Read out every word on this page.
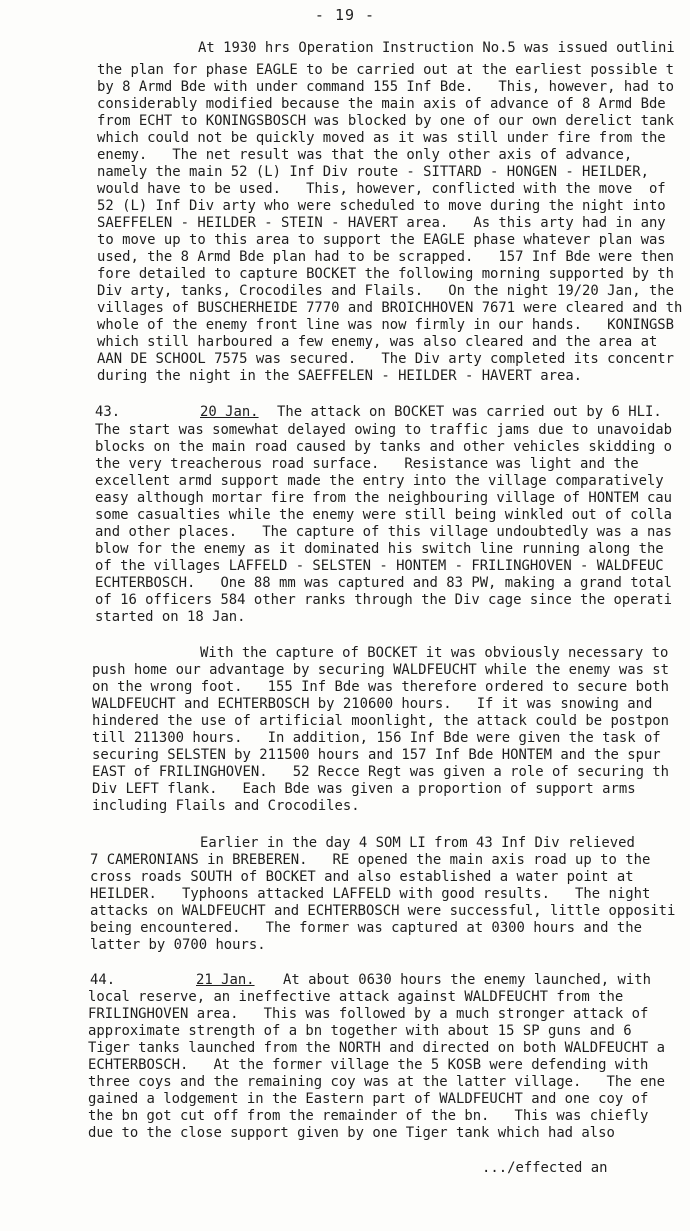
- 19 -
At 1930 hrs Operation Instruction No.5 was issued outlini
the plan for phase EAGLE to be carried out at the earliest possible t
by 8 Armd Bde with under command 155 Inf Bde.   This, however, had to
considerably modified because the main axis of advance of 8 Armd Bde
from ECHT to KONINGSBOSCH was blocked by one of our own derelict tank
which could not be quickly moved as it was still under fire from the
enemy.   The net result was that the only other axis of advance,
namely the main 52 (L) Inf Div route - SITTARD - HONGEN - HEILDER,
would have to be used.   This, however, conflicted with the move  of
52 (L) Inf Div arty who were scheduled to move during the night into
SAEFFELEN - HEILDER - STEIN - HAVERT area.   As this arty had in any
to move up to this area to support the EAGLE phase whatever plan was
used, the 8 Armd Bde plan had to be scrapped.   157 Inf Bde were then
fore detailed to capture BOCKET the following morning supported by th
Div arty, tanks, Crocodiles and Flails.   On the night 19/20 Jan, the
villages of BUSCHERHEIDE 7770 and BROICHHOVEN 7671 were cleared and th
whole of the enemy front line was now firmly in our hands.   KONINGSB
which still harboured a few enemy, was also cleared and the area at
AAN DE SCHOOL 7575 was secured.   The Div arty completed its concentr
during the night in the SAEFFELEN - HEILDER - HAVERT area.
43.	20 Jan. The attack on BOCKET was carried out by 6 HLI.
The start was somewhat delayed owing to traffic jams due to unavoidab
blocks on the main road caused by tanks and other vehicles skidding o
the very treacherous road surface.   Resistance was light and the
excellent armd support made the entry into the village comparatively
easy although mortar fire from the neighbouring village of HONTEM cau
some casualties while the enemy were still being winkled out of colla
and other places.   The capture of this village undoubtedly was a nas
blow for the enemy as it dominated his switch line running along the
of the villages LAFFELD - SELSTEN - HONTEM - FRILINGHOVEN - WALDFEUC
ECHTERBOSCH.   One 88 mm was captured and 83 PW, making a grand total
of 16 officers 584 other ranks through the Div cage since the operati
started on 18 Jan.
With the capture of BOCKET it was obviously necessary to
push home our advantage by securing WALDFEUCHT while the enemy was st
on the wrong foot.   155 Inf Bde was therefore ordered to secure both
WALDFEUCHT and ECHTERBOSCH by 210600 hours.   If it was snowing and
hindered the use of artificial moonlight, the attack could be postpon
till 211300 hours.   In addition, 156 Inf Bde were given the task of
securing SELSTEN by 211500 hours and 157 Inf Bde HONTEM and the spur
EAST of FRILINGHOVEN.   52 Recce Regt was given a role of securing th
Div LEFT flank.   Each Bde was given a proportion of support arms
including Flails and Crocodiles.
Earlier in the day 4 SOM LI from 43 Inf Div relieved
7 CAMERONIANS in BREBEREN.   RE opened the main axis road up to the
cross roads SOUTH of BOCKET and also established a water point at
HEILDER.   Typhoons attacked LAFFELD with good results.   The night
attacks on WALDFEUCHT and ECHTERBOSCH were successful, little oppositi
being encountered.   The former was captured at 0300 hours and the
latter by 0700 hours.
44.	21 Jan. At about 0630 hours the enemy launched, with
local reserve, an ineffective attack against WALDFEUCHT from the
FRILINGHOVEN area.   This was followed by a much stronger attack of
approximate strength of a bn together with about 15 SP guns and 6
Tiger tanks launched from the NORTH and directed on both WALDFEUCHT a
ECHTERBOSCH.   At the former village the 5 KOSB were defending with
three coys and the remaining coy was at the latter village.   The ene
gained a lodgement in the Eastern part of WALDFEUCHT and one coy of
the bn got cut off from the remainder of the bn.   This was chiefly
due to the close support given by one Tiger tank which had also
.../effected an
